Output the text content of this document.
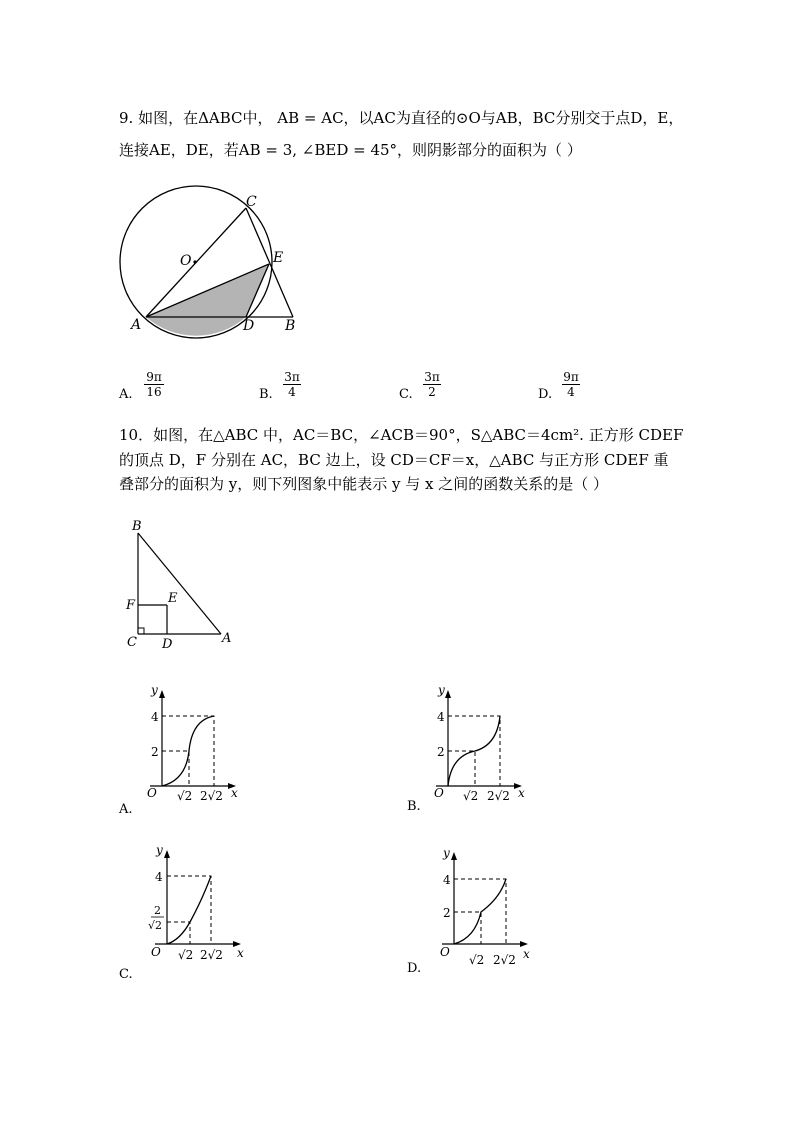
9. 如图，在ΔABC中， AB = AC，以AC为直径的⊙O与AB，BC分别交于点D，E，
连接AE，DE，若AB = 3, ∠BED = 45°，则阴影部分的面积为（ ）
C
O	E
A	D B
A. $\frac{9\pi}{16}$	B. $\frac{3\pi}{4}$	C. $\frac{3\pi}{2}$	D. $\frac{9\pi}{4}$
10．如图，在△ABC 中，AC＝BC，∠ACB＝90°，S△ABC＝4cm². 正方形 CDEF
的顶点 D，F 分别在 AC，BC 边上，设 CD＝CF＝x，△ABC 与正方形 CDEF 重
叠部分的面积为 y，则下列图象中能表示 y 与 x 之间的函数关系的是（ ）
B
F	E
C D	A
y
4
2
O √2 2√2 x
A.
y
4
2
O √2 2√2 x
B.
y
4
2
√2
O √2 2√2 x
C.
y
4
2
O
√2 2√2 x
D.
